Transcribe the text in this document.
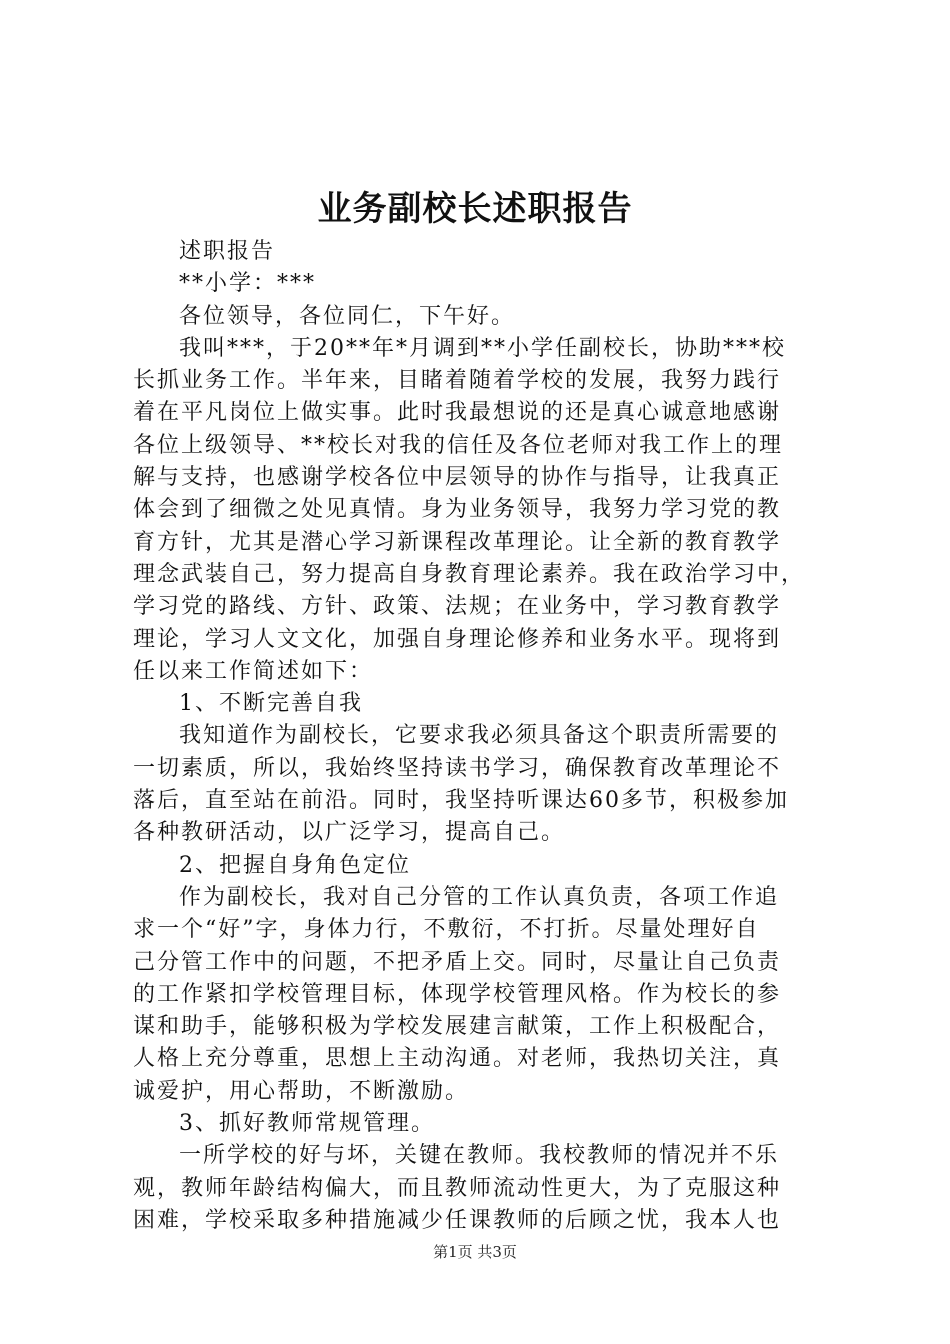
业务副校长述职报告
述职报告
**小学：***
各位领导，各位同仁，下午好。
我叫***，于20**年*月调到**小学任副校长，协助***校
长抓业务工作。半年来，目睹着随着学校的发展，我努力践行
着在平凡岗位上做实事。此时我最想说的还是真心诚意地感谢
各位上级领导、**校长对我的信任及各位老师对我工作上的理
解与支持，也感谢学校各位中层领导的协作与指导，让我真正
体会到了细微之处见真情。身为业务领导，我努力学习党的教
育方针，尤其是潜心学习新课程改革理论。让全新的教育教学
理念武装自己，努力提高自身教育理论素养。我在政治学习中，
学习党的路线、方针、政策、法规；在业务中，学习教育教学
理论，学习人文文化，加强自身理论修养和业务水平。现将到
任以来工作简述如下：
1、不断完善自我
我知道作为副校长，它要求我必须具备这个职责所需要的
一切素质，所以，我始终坚持读书学习，确保教育改革理论不
落后，直至站在前沿。同时，我坚持听课达60多节，积极参加
各种教研活动，以广泛学习，提高自己。
2、把握自身角色定位
作为副校长，我对自己分管的工作认真负责，各项工作追
求一个“好”字，身体力行，不敷衍，不打折。尽量处理好自
己分管工作中的问题，不把矛盾上交。同时，尽量让自己负责
的工作紧扣学校管理目标，体现学校管理风格。作为校长的参
谋和助手，能够积极为学校发展建言献策，工作上积极配合，
人格上充分尊重，思想上主动沟通。对老师，我热切关注，真
诚爱护，用心帮助，不断激励。
3、抓好教师常规管理。
一所学校的好与坏，关键在教师。我校教师的情况并不乐
观，教师年龄结构偏大，而且教师流动性更大，为了克服这种
困难，学校采取多种措施减少任课教师的后顾之忧，我本人也
第1页 共3页
